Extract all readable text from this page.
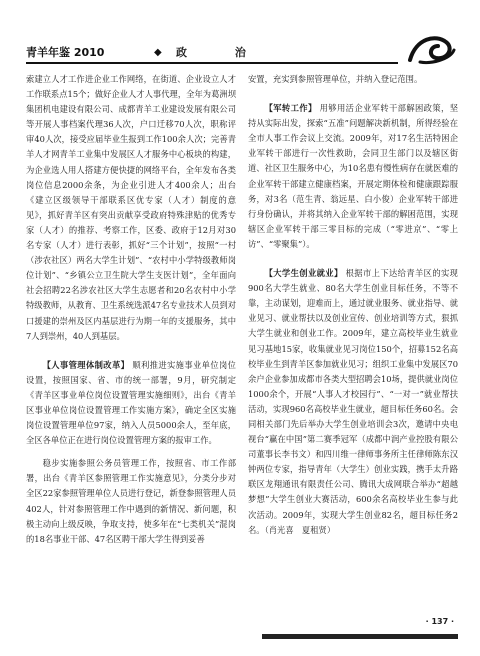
青羊年鉴 2010	◆ 政 治

索建立人才工作进企业工作网络，在街道、企业设立人才工作联系点15个；做好企业人才人事代理，全年为葛洲坝集团机电建设有限公司、成都青羊工业建设发展有限公司等开展人事档案代理36人次，户口迁移70人次，职称评审40人次，接受应届毕业生报到工作100余人次；完善青羊人才网青羊工业集中发展区人才服务中心板块的构建，为企业选人用人搭建方便快捷的网络平台，全年发布各类岗位信息2000余条，为企业引进人才400余人；出台《建立区级领导干部联系区优专家（人才）制度的意见》，抓好青羊区有突出贡献享受政府特殊津贴的优秀专家（人才）的推荐、考察工作，区委、政府于12月对30名专家（人才）进行表彰，抓好“三个计划”，按照“一村（涉农社区）两名大学生计划”、“农村中小学特级教师岗位计划”、“乡镇公立卫生院大学生支医计划”，全年面向社会招聘22名涉农社区大学生志愿者和20名农村中小学特级教师，从教育、卫生系统选派47名专业技术人员到对口援建的崇州及区内基层进行为期一年的支援服务，其中7人到崇州，40人到基层。

【人事管理体制改革】 顺利推进实施事业单位岗位设置，按照国家、省、市的统一部署，9月，研究制定《青羊区事业单位岗位设置管理实施细则》，出台《青羊区事业单位岗位设置管理工作实施方案》，确定全区实施岗位设置管理单位97家，纳入人员5000余人，至年底，全区各单位正在进行岗位设置管理方案的报审工作。

稳步实施参照公务员管理工作，按照省、市工作部署，出台《青羊区参照管理工作实施意见》，分类分步对全区22家参照管理单位人员进行登记，新登参照管理人员402人，针对参照管理工作中遇到的新情况、新问题，积极主动向上级反映，争取支持，使多年在“七类机关”混岗的18名事业干部、47名区聘干部大学生得到妥善

安置，充实到参照管理单位，并纳入登记范围。

【军转工作】 用够用活企业军转干部解困政策，坚持从实际出发，探索“五准”问题解决新机制，所得经验在全市人事工作会议上交流。2009年，对17名生活特困企业军转干部进行一次性救助，会同卫生部门以及辖区街道、社区卫生服务中心，为10名患有慢性病存在就医难的企业军转干部建立健康档案，开展定期体检和健康跟踪服务，对3名（范生青、翁远星、白小俊）企业军转干部进行身份确认，并将其纳入企业军转干部的解困范围，实现辖区企业军转干部三零目标的完成（“零进京”、“零上访”、“零聚集”）。

【大学生创业就业】 根据市上下达给青羊区的实现900名大学生就业、80名大学生创业目标任务，不等不靠，主动谋划，迎难而上，通过就业服务、就业指导、就业见习、就业帮扶以及创业宣传、创业培训等方式，狠抓大学生就业和创业工作。2009年，建立高校毕业生就业见习基地15家，收集就业见习岗位150个，招募152名高校毕业生到青羊区参加就业见习；组织工业集中发展区70余户企业参加成都市各类大型招聘会10场，提供就业岗位1000余个，开展“人事人才校园行”、“一对一”就业帮扶活动，实现960名高校毕业生就业，超目标任务60名。会同相关部门先后举办大学生创业培训会3次，邀请中央电视台“赢在中国”第二赛季冠军（成都中润产业控股有限公司董事长李书文）和四川维一律师事务所主任律师陈东汉钟两位专家，指导青年（大学生）创业实践，携手太升路联区龙翔通讯有限责任公司、腾讯大成网联合举办“超越梦想”大学生创业大赛活动，600余名高校毕业生参与此次活动。2009年，实现大学生创业82名，超目标任务2名。（肖光喜　夏租贤）

· 137 ·
